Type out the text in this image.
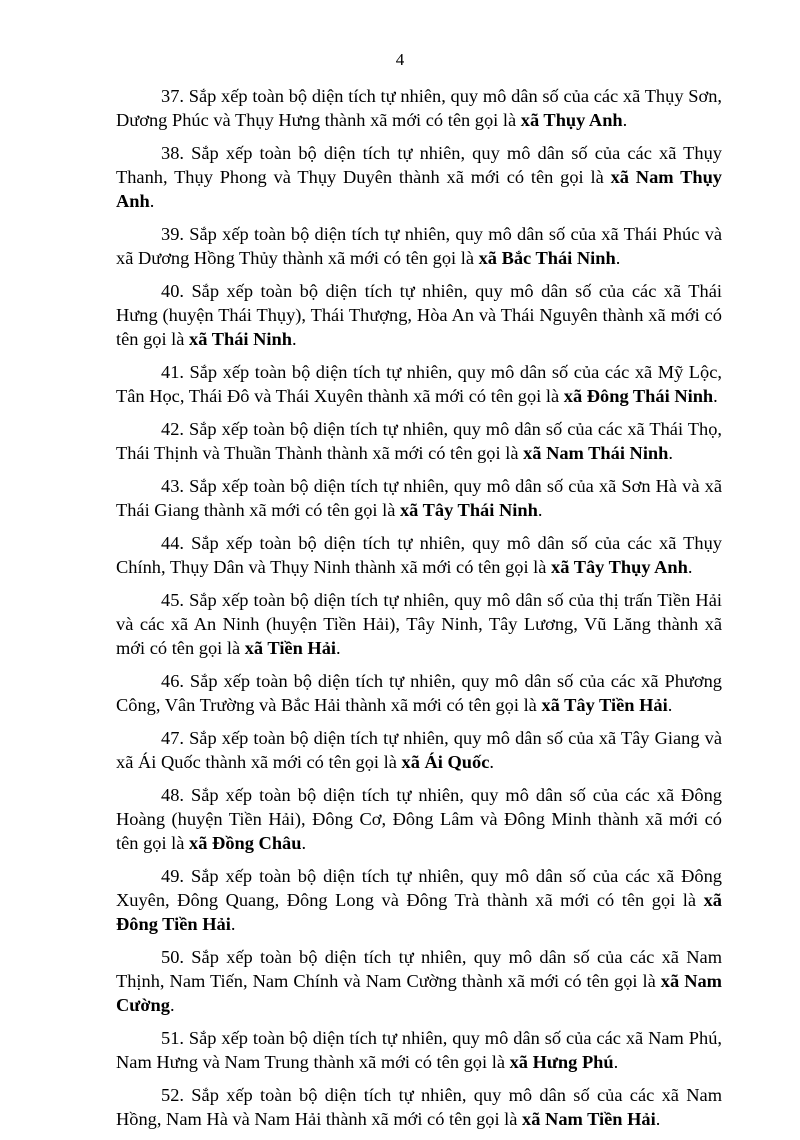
4

37. Sắp xếp toàn bộ diện tích tự nhiên, quy mô dân số của các xã Thụy Sơn, Dương Phúc và Thụy Hưng thành xã mới có tên gọi là xã Thụy Anh.

38. Sắp xếp toàn bộ diện tích tự nhiên, quy mô dân số của các xã Thụy Thanh, Thụy Phong và Thụy Duyên thành xã mới có tên gọi là xã Nam Thụy Anh.

39. Sắp xếp toàn bộ diện tích tự nhiên, quy mô dân số của xã Thái Phúc và xã Dương Hồng Thủy thành xã mới có tên gọi là xã Bắc Thái Ninh.

40. Sắp xếp toàn bộ diện tích tự nhiên, quy mô dân số của các xã Thái Hưng (huyện Thái Thụy), Thái Thượng, Hòa An và Thái Nguyên thành xã mới có tên gọi là xã Thái Ninh.

41. Sắp xếp toàn bộ diện tích tự nhiên, quy mô dân số của các xã Mỹ Lộc, Tân Học, Thái Đô và Thái Xuyên thành xã mới có tên gọi là xã Đông Thái Ninh.

42. Sắp xếp toàn bộ diện tích tự nhiên, quy mô dân số của các xã Thái Thọ, Thái Thịnh và Thuần Thành thành xã mới có tên gọi là xã Nam Thái Ninh.

43. Sắp xếp toàn bộ diện tích tự nhiên, quy mô dân số của xã Sơn Hà và xã Thái Giang thành xã mới có tên gọi là xã Tây Thái Ninh.

44. Sắp xếp toàn bộ diện tích tự nhiên, quy mô dân số của các xã Thụy Chính, Thụy Dân và Thụy Ninh thành xã mới có tên gọi là xã Tây Thụy Anh.

45. Sắp xếp toàn bộ diện tích tự nhiên, quy mô dân số của thị trấn Tiền Hải và các xã An Ninh (huyện Tiền Hải), Tây Ninh, Tây Lương, Vũ Lăng thành xã mới có tên gọi là xã Tiền Hải.

46. Sắp xếp toàn bộ diện tích tự nhiên, quy mô dân số của các xã Phương Công, Vân Trường và Bắc Hải thành xã mới có tên gọi là xã Tây Tiền Hải.

47. Sắp xếp toàn bộ diện tích tự nhiên, quy mô dân số của xã Tây Giang và xã Ái Quốc thành xã mới có tên gọi là xã Ái Quốc.

48. Sắp xếp toàn bộ diện tích tự nhiên, quy mô dân số của các xã Đông Hoàng (huyện Tiền Hải), Đông Cơ, Đông Lâm và Đông Minh thành xã mới có tên gọi là xã Đồng Châu.

49. Sắp xếp toàn bộ diện tích tự nhiên, quy mô dân số của các xã Đông Xuyên, Đông Quang, Đông Long và Đông Trà thành xã mới có tên gọi là xã Đông Tiền Hải.

50. Sắp xếp toàn bộ diện tích tự nhiên, quy mô dân số của các xã Nam Thịnh, Nam Tiến, Nam Chính và Nam Cường thành xã mới có tên gọi là xã Nam Cường.

51. Sắp xếp toàn bộ diện tích tự nhiên, quy mô dân số của các xã Nam Phú, Nam Hưng và Nam Trung thành xã mới có tên gọi là xã Hưng Phú.

52. Sắp xếp toàn bộ diện tích tự nhiên, quy mô dân số của các xã Nam Hồng, Nam Hà và Nam Hải thành xã mới có tên gọi là xã Nam Tiền Hải.
